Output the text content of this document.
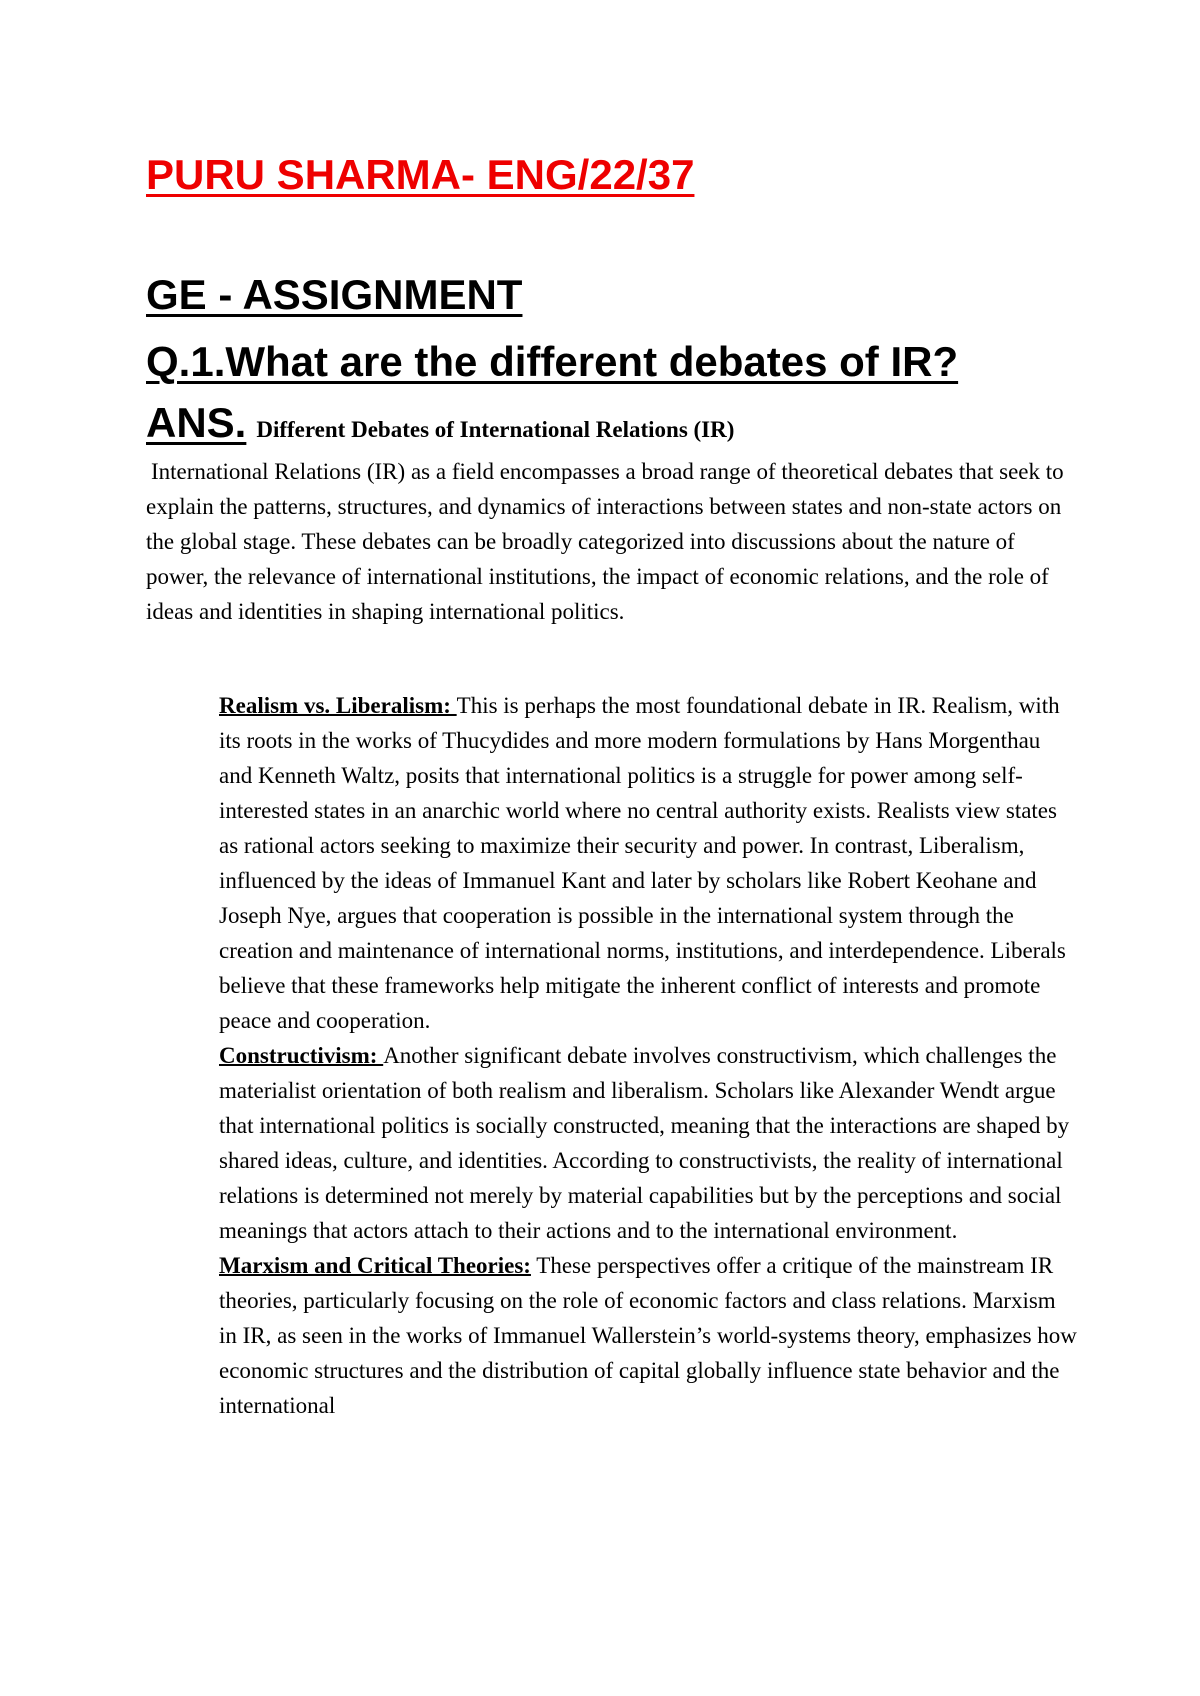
PURU SHARMA- ENG/22/37
GE - ASSIGNMENT
Q.1.What are the different debates of IR?
ANS. Different Debates of International Relations (IR)

International Relations (IR) as a field encompasses a broad range of theoretical debates that seek to explain the patterns, structures, and dynamics of interactions between states and non-state actors on the global stage. These debates can be broadly categorized into discussions about the nature of power, the relevance of international institutions, the impact of economic relations, and the role of ideas and identities in shaping international politics.

Realism vs. Liberalism: This is perhaps the most foundational debate in IR. Realism, with its roots in the works of Thucydides and more modern formulations by Hans Morgenthau and Kenneth Waltz, posits that international politics is a struggle for power among self-interested states in an anarchic world where no central authority exists. Realists view states as rational actors seeking to maximize their security and power. In contrast, Liberalism, influenced by the ideas of Immanuel Kant and later by scholars like Robert Keohane and Joseph Nye, argues that cooperation is possible in the international system through the creation and maintenance of international norms, institutions, and interdependence. Liberals believe that these frameworks help mitigate the inherent conflict of interests and promote peace and cooperation.
Constructivism: Another significant debate involves constructivism, which challenges the materialist orientation of both realism and liberalism. Scholars like Alexander Wendt argue that international politics is socially constructed, meaning that the interactions are shaped by shared ideas, culture, and identities. According to constructivists, the reality of international relations is determined not merely by material capabilities but by the perceptions and social meanings that actors attach to their actions and to the international environment.
Marxism and Critical Theories: These perspectives offer a critique of the mainstream IR theories, particularly focusing on the role of economic factors and class relations. Marxism in IR, as seen in the works of Immanuel Wallerstein’s world-systems theory, emphasizes how economic structures and the distribution of capital globally influence state behavior and the international
